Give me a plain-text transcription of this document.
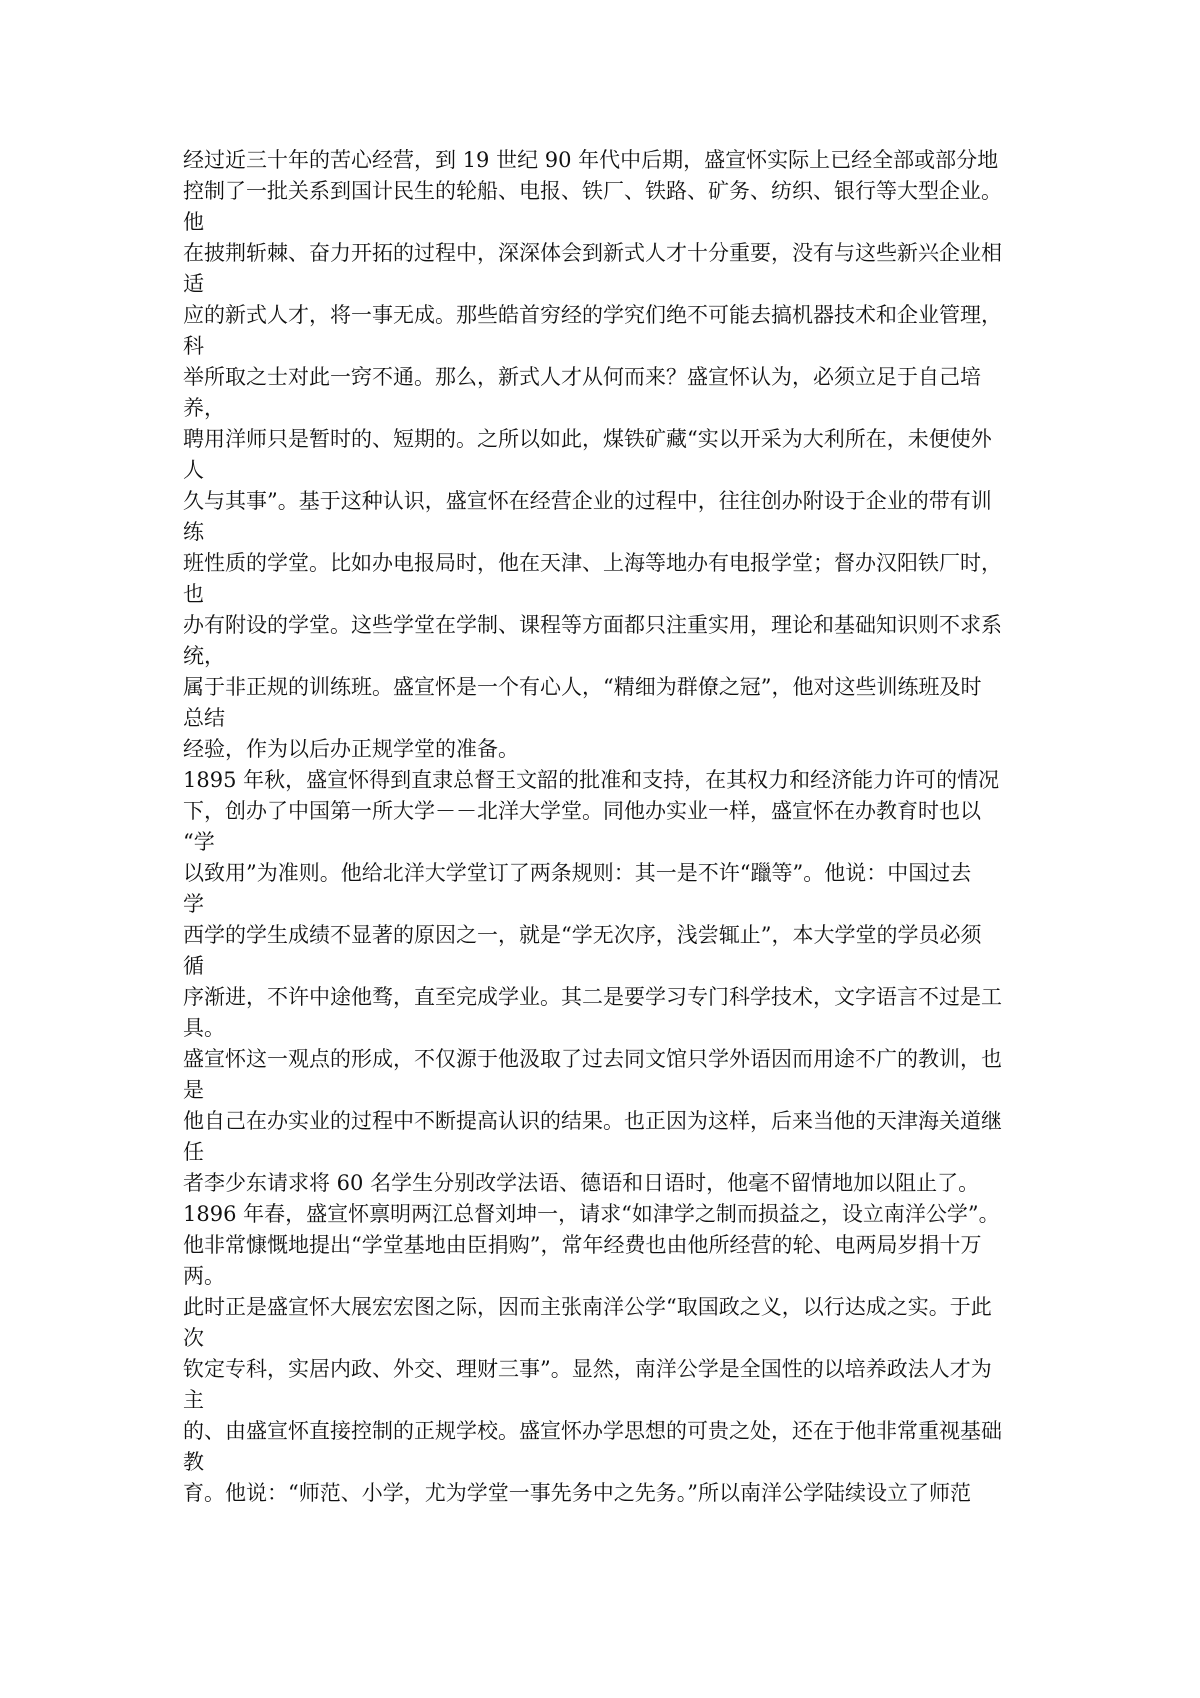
经过近三十年的苦心经营，到 19 世纪 90 年代中后期，盛宣怀实际上已经全部或部分地
控制了一批关系到国计民生的轮船、电报、铁厂、铁路、矿务、纺织、银行等大型企业。
他
在披荆斩棘、奋力开拓的过程中，深深体会到新式人才十分重要，没有与这些新兴企业相
适
应的新式人才，将一事无成。那些皓首穷经的学究们绝不可能去搞机器技术和企业管理，
科
举所取之士对此一窍不通。那么，新式人才从何而来？盛宣怀认为，必须立足于自己培
养，
聘用洋师只是暂时的、短期的。之所以如此，煤铁矿藏“实以开采为大利所在，未便使外
人
久与其事”。基于这种认识，盛宣怀在经营企业的过程中，往往创办附设于企业的带有训
练
班性质的学堂。比如办电报局时，他在天津、上海等地办有电报学堂；督办汉阳铁厂时，
也
办有附设的学堂。这些学堂在学制、课程等方面都只注重实用，理论和基础知识则不求系
统，
属于非正规的训练班。盛宣怀是一个有心人，“精细为群僚之冠”，他对这些训练班及时
总结
经验，作为以后办正规学堂的准备。
1895 年秋，盛宣怀得到直隶总督王文韶的批准和支持，在其权力和经济能力许可的情况
下，创办了中国第一所大学－－北洋大学堂。同他办实业一样，盛宣怀在办教育时也以
“学
以致用”为准则。他给北洋大学堂订了两条规则：其一是不许“躐等”。他说：中国过去
学
西学的学生成绩不显著的原因之一，就是“学无次序，浅尝辄止”，本大学堂的学员必须
循
序渐进，不许中途他骛，直至完成学业。其二是要学习专门科学技术，文字语言不过是工
具。
盛宣怀这一观点的形成，不仅源于他汲取了过去同文馆只学外语因而用途不广的教训，也
是
他自己在办实业的过程中不断提高认识的结果。也正因为这样，后来当他的天津海关道继
任
者李少东请求将 60 名学生分别改学法语、德语和日语时，他毫不留情地加以阻止了。
1896 年春，盛宣怀禀明两江总督刘坤一，请求“如津学之制而损益之，设立南洋公学”。
他非常慷慨地提出“学堂基地由臣捐购”，常年经费也由他所经营的轮、电两局岁捐十万
两。
此时正是盛宣怀大展宏宏图之际，因而主张南洋公学“取国政之义，以行达成之实。于此
次
钦定专科，实居内政、外交、理财三事”。显然，南洋公学是全国性的以培养政法人才为
主
的、由盛宣怀直接控制的正规学校。盛宣怀办学思想的可贵之处，还在于他非常重视基础
教
育。他说：“师范、小学，尤为学堂一事先务中之先务。”所以南洋公学陆续设立了师范
